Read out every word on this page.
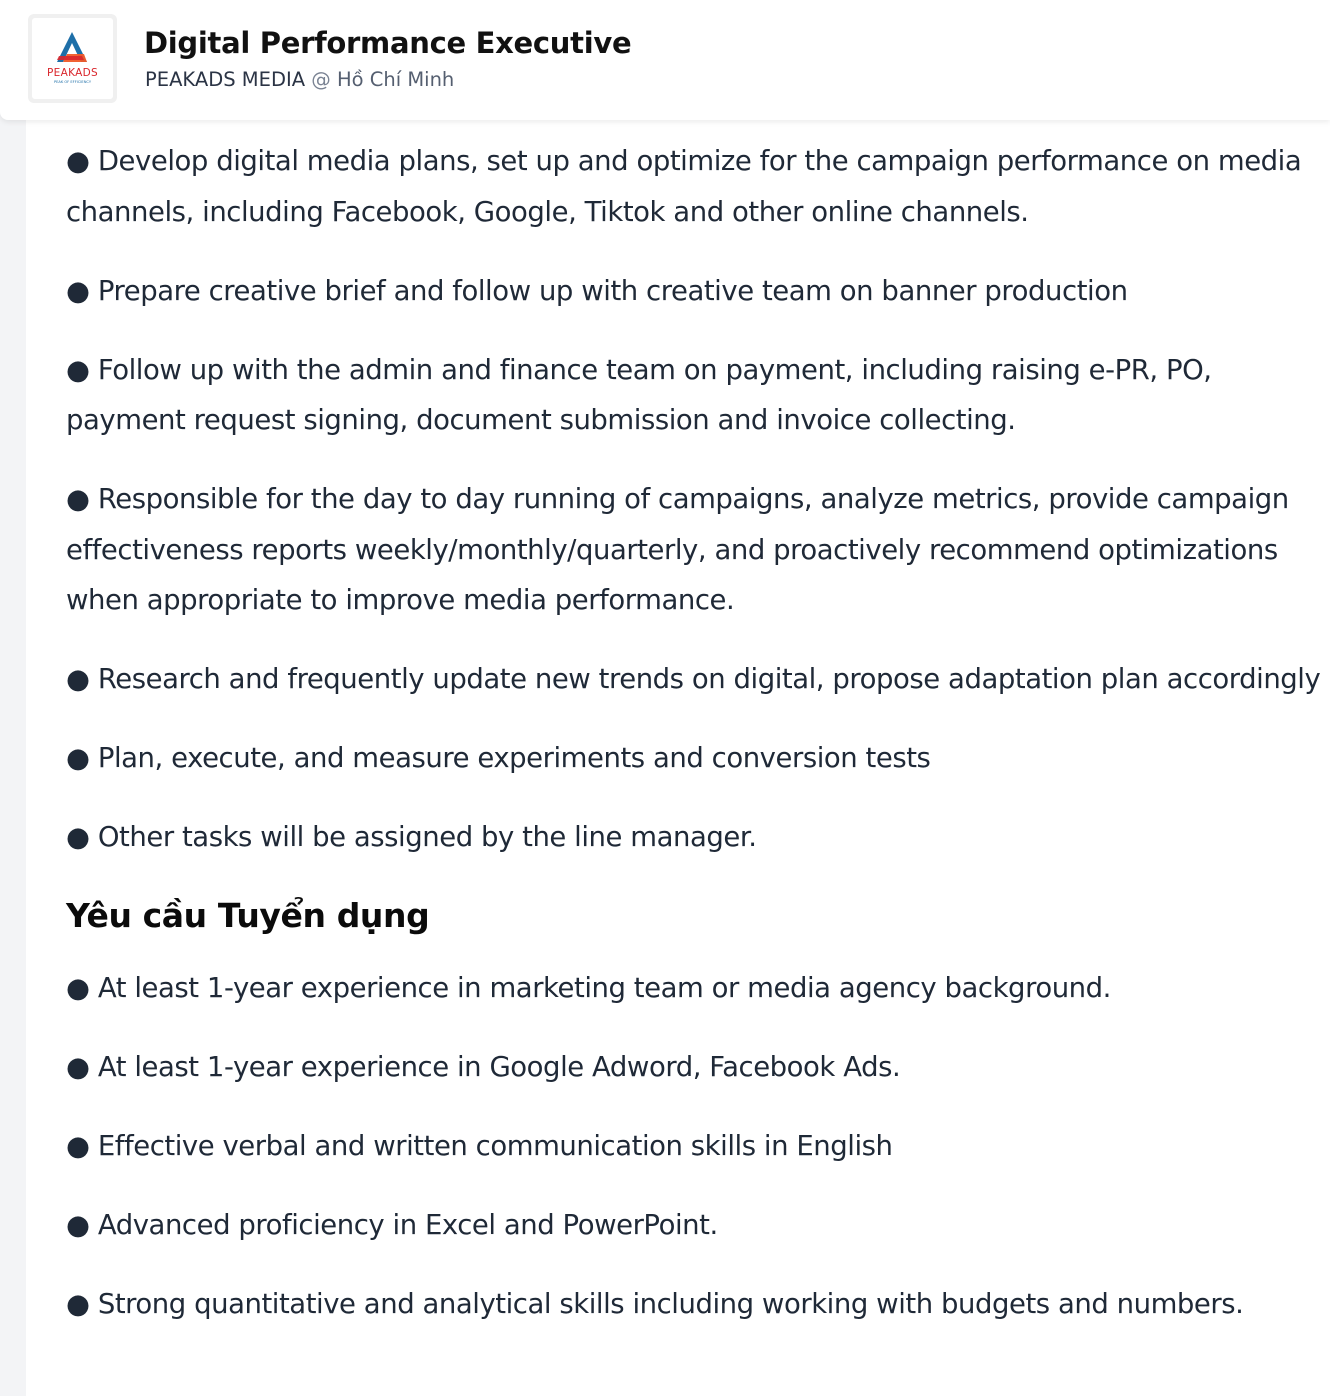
PEAKADS
PEAK OF EFFICIENCY
Digital Performance Executive
PEAKADS MEDIA @ Hồ Chí Minh

● Develop digital media plans, set up and optimize for the campaign performance on media channels, including Facebook, Google, Tiktok and other online channels.

● Prepare creative brief and follow up with creative team on banner production

● Follow up with the admin and finance team on payment, including raising e-PR, PO, payment request signing, document submission and invoice collecting.

● Responsible for the day to day running of campaigns, analyze metrics, provide campaign effectiveness reports weekly/monthly/quarterly, and proactively recommend optimizations when appropriate to improve media performance.

● Research and frequently update new trends on digital, propose adaptation plan accordingly

● Plan, execute, and measure experiments and conversion tests

● Other tasks will be assigned by the line manager.

Yêu cầu Tuyển dụng

● At least 1-year experience in marketing team or media agency background.

● At least 1-year experience in Google Adword, Facebook Ads.

● Effective verbal and written communication skills in English

● Advanced proficiency in Excel and PowerPoint.

● Strong quantitative and analytical skills including working with budgets and numbers.
